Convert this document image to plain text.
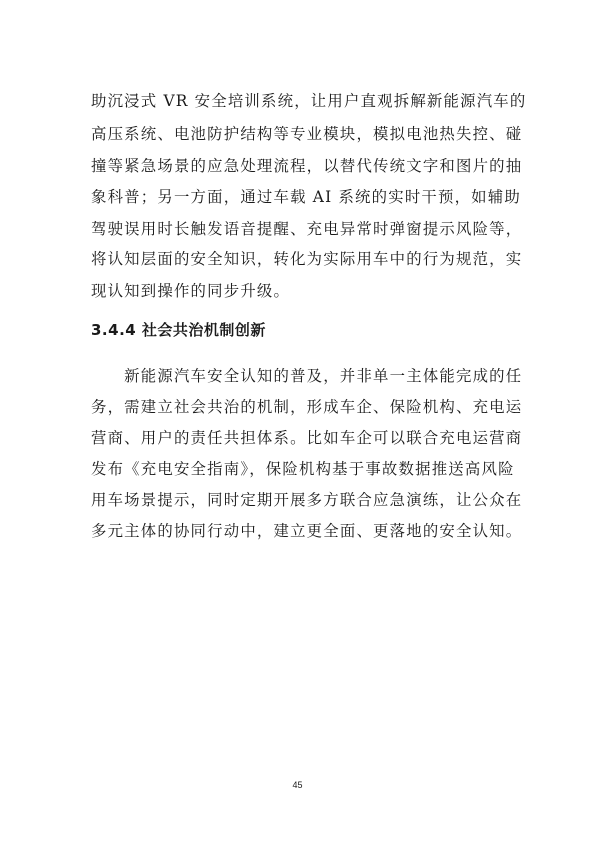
助沉浸式 VR 安全培训系统，让用户直观拆解新能源汽车的
高压系统、电池防护结构等专业模块，模拟电池热失控、碰
撞等紧急场景的应急处理流程，以替代传统文字和图片的抽
象科普；另一方面，通过车载 AI 系统的实时干预，如辅助
驾驶误用时长触发语音提醒、充电异常时弹窗提示风险等，
将认知层面的安全知识，转化为实际用车中的行为规范，实
现认知到操作的同步升级。
3.4.4 社会共治机制创新
　　新能源汽车安全认知的普及，并非单一主体能完成的任
务，需建立社会共治的机制，形成车企、保险机构、充电运
营商、用户的责任共担体系。比如车企可以联合充电运营商
发布《充电安全指南》，保险机构基于事故数据推送高风险
用车场景提示，同时定期开展多方联合应急演练，让公众在
多元主体的协同行动中，建立更全面、更落地的安全认知。
45
